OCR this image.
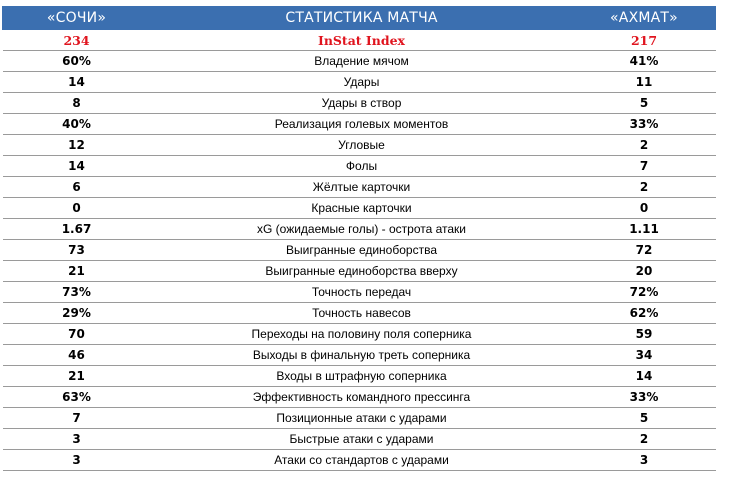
«СОЧИ»	СТАТИСТИКА МАТЧА	«АХМАТ»
234	InStat Index	217
60%	Владение мячом	41%
14	Удары	11
8	Удары в створ	5
40%	Реализация голевых моментов	33%
12	Угловые	2
14	Фолы	7
6	Жёлтые карточки	2
0	Красные карточки	0
1.67	xG (ожидаемые голы) - острота атаки	1.11
73	Выигранные единоборства	72
21	Выигранные единоборства вверху	20
73%	Точность передач	72%
29%	Точность навесов	62%
70	Переходы на половину поля соперника	59
46	Выходы в финальную треть соперника	34
21	Входы в штрафную соперника	14
63%	Эффективность командного прессинга	33%
7	Позиционные атаки с ударами	5
3	Быстрые атаки с ударами	2
3	Атаки со стандартов с ударами	3
